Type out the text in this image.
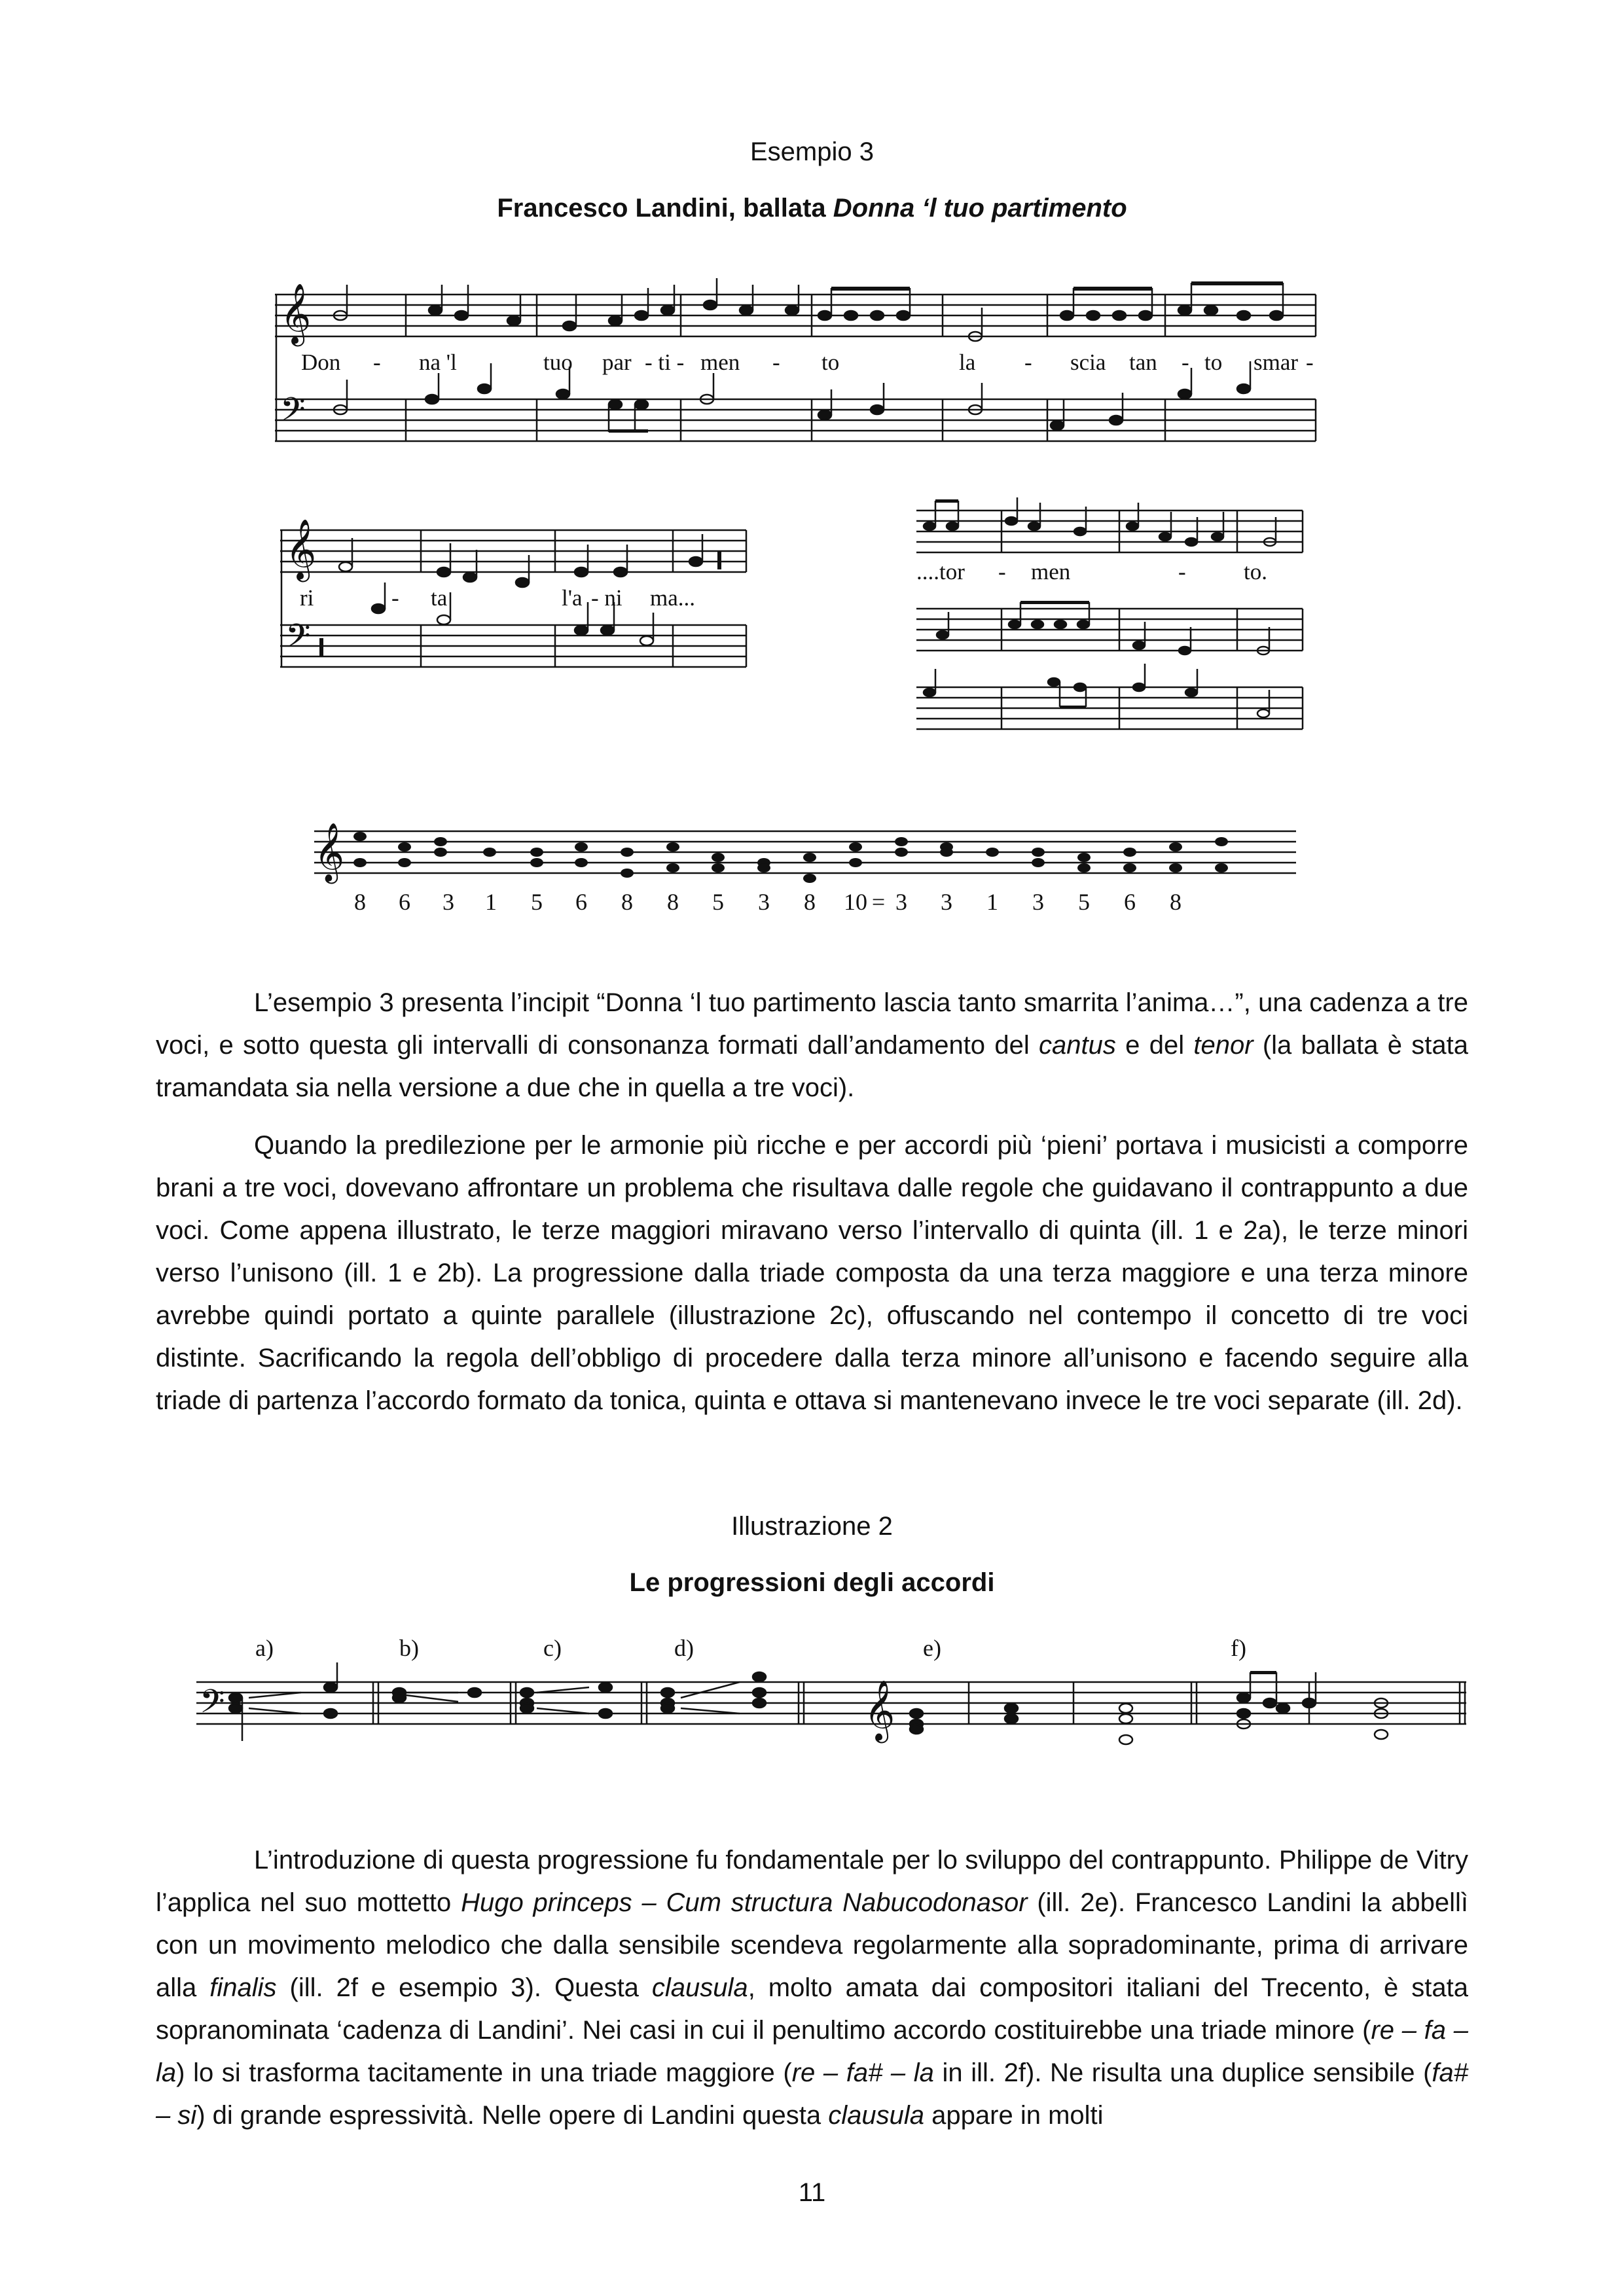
Esempio 3
Francesco Landini, ballata Donna ‘l tuo partimento
𝄞
𝄢
Don - na 'l	tuo par - ti - men - to	la - scia tan - to smar -
𝄞
𝄢
ri	- ta	l'a - ni ma...
....tor - men	-	to.
𝄞
8 6 3 1 5 6 8 8 5 3 8 10 = 3 3 1 3 5 6 8

L’esempio 3 presenta l’incipit “Donna ‘l tuo partimento lascia tanto smarrita l’anima…”, una cadenza a tre voci, e sotto questa gli intervalli di consonanza formati dall’andamento del cantus e del tenor (la ballata è stata tramandata sia nella versione a due che in quella a tre voci).

Quando la predilezione per le armonie più ricche e per accordi più ‘pieni’ portava i musicisti a comporre brani a tre voci, dovevano affrontare un problema che risultava dalle regole che guidavano il contrappunto a due voci. Come appena illustrato, le terze maggiori miravano verso l’intervallo di quinta (ill. 1 e 2a), le terze minori verso l’unisono (ill. 1 e 2b). La progressione dalla triade composta da una terza maggiore e una terza minore avrebbe quindi portato a quinte parallele (illustrazione 2c), offuscando nel contempo il concetto di tre voci distinte. Sacrificando la regola dell’obbligo di procedere dalla terza minore all’unisono e facendo seguire alla triade di partenza l’accordo formato da tonica, quinta e ottava si mantenevano invece le tre voci separate (ill. 2d).

Illustrazione 2
Le progressioni degli accordi
𝄢	𝄞
a)	b)	c)	d)	e)	f)

L’introduzione di questa progressione fu fondamentale per lo sviluppo del contrappunto. Philippe de Vitry l’applica nel suo mottetto Hugo princeps – Cum structura Nabucodonasor (ill. 2e). Francesco Landini la abbellì con un movimento melodico che dalla sensibile scendeva regolarmente alla sopradominante, prima di arrivare alla finalis (ill. 2f e esempio 3). Questa clausula, molto amata dai compositori italiani del Trecento, è stata sopranominata ‘cadenza di Landini’. Nei casi in cui il penultimo accordo costituirebbe una triade minore (re – fa – la) lo si trasforma tacitamente in una triade maggiore (re – fa# – la in ill. 2f). Ne risulta una duplice sensibile (fa# – si) di grande espressività. Nelle opere di Landini questa clausula appare in molti

11
